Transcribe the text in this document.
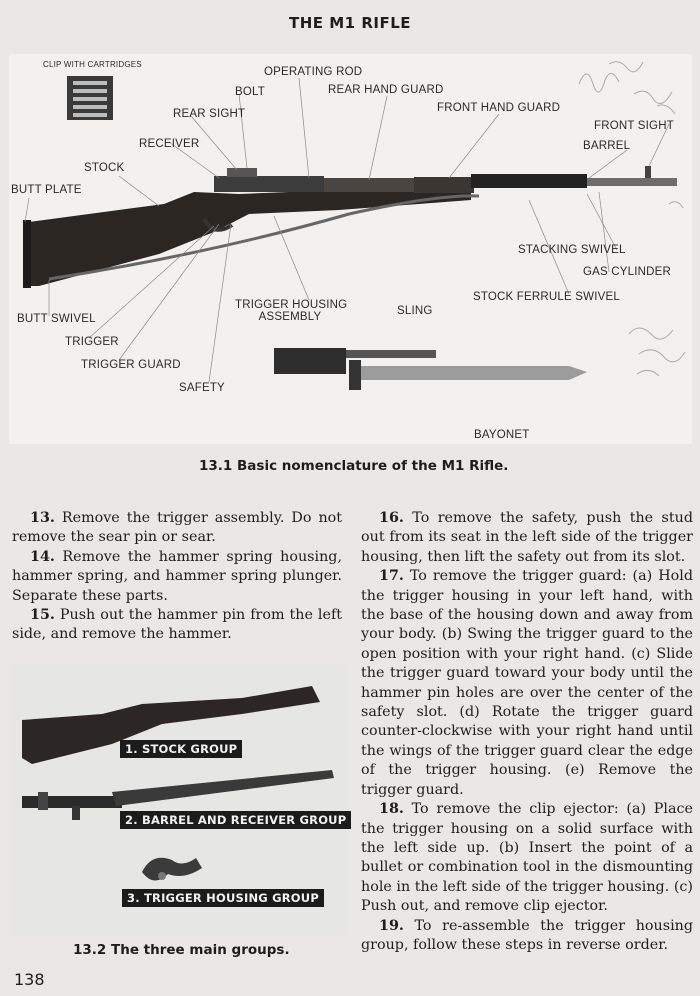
THE M1 RIFLE
CLIP WITH CARTRIDGES
OPERATING ROD
BOLT	REAR HAND GUARD
REAR SIGHT	FRONT HAND GUARD
FRONT SIGHT
RECEIVER	BARREL
STOCK
BUTT PLATE
STACKING SWIVEL
GAS CYLINDER
STOCK FERRULE SWIVEL
TRIGGER HOUSING
ASSEMBLY	SLING
BUTT SWIVEL
TRIGGER
TRIGGER GUARD
SAFETY
BAYONET
13.1 Basic nomenclature of the M1 Rifle.

13. Remove the trigger assembly. Do not remove the sear pin or sear.

14. Remove the hammer spring housing, hammer spring, and hammer spring plunger. Separate these parts.

15. Push out the hammer pin from the left side, and remove the hammer.

1. STOCK GROUP
2. BARREL AND RECEIVER GROUP
3. TRIGGER HOUSING GROUP
13.2 The three main groups.

16. To remove the safety, push the stud out from its seat in the left side of the trigger housing, then lift the safety out from its slot.

17. To remove the trigger guard: (a) Hold the trigger housing in your left hand, with the base of the housing down and away from your body. (b) Swing the trigger guard to the open position with your right hand. (c) Slide the trigger guard toward your body until the hammer pin holes are over the center of the safety slot. (d) Rotate the trigger guard counter-clockwise with your right hand until the wings of the trigger guard clear the edge of the trigger housing. (e) Remove the trigger guard.

18. To remove the clip ejector: (a) Place the trigger housing on a solid surface with the left side up. (b) Insert the point of a bullet or combination tool in the dismounting hole in the left side of the trigger housing. (c) Push out, and remove clip ejector.

19. To re-assemble the trigger housing group, follow these steps in reverse order.

138
